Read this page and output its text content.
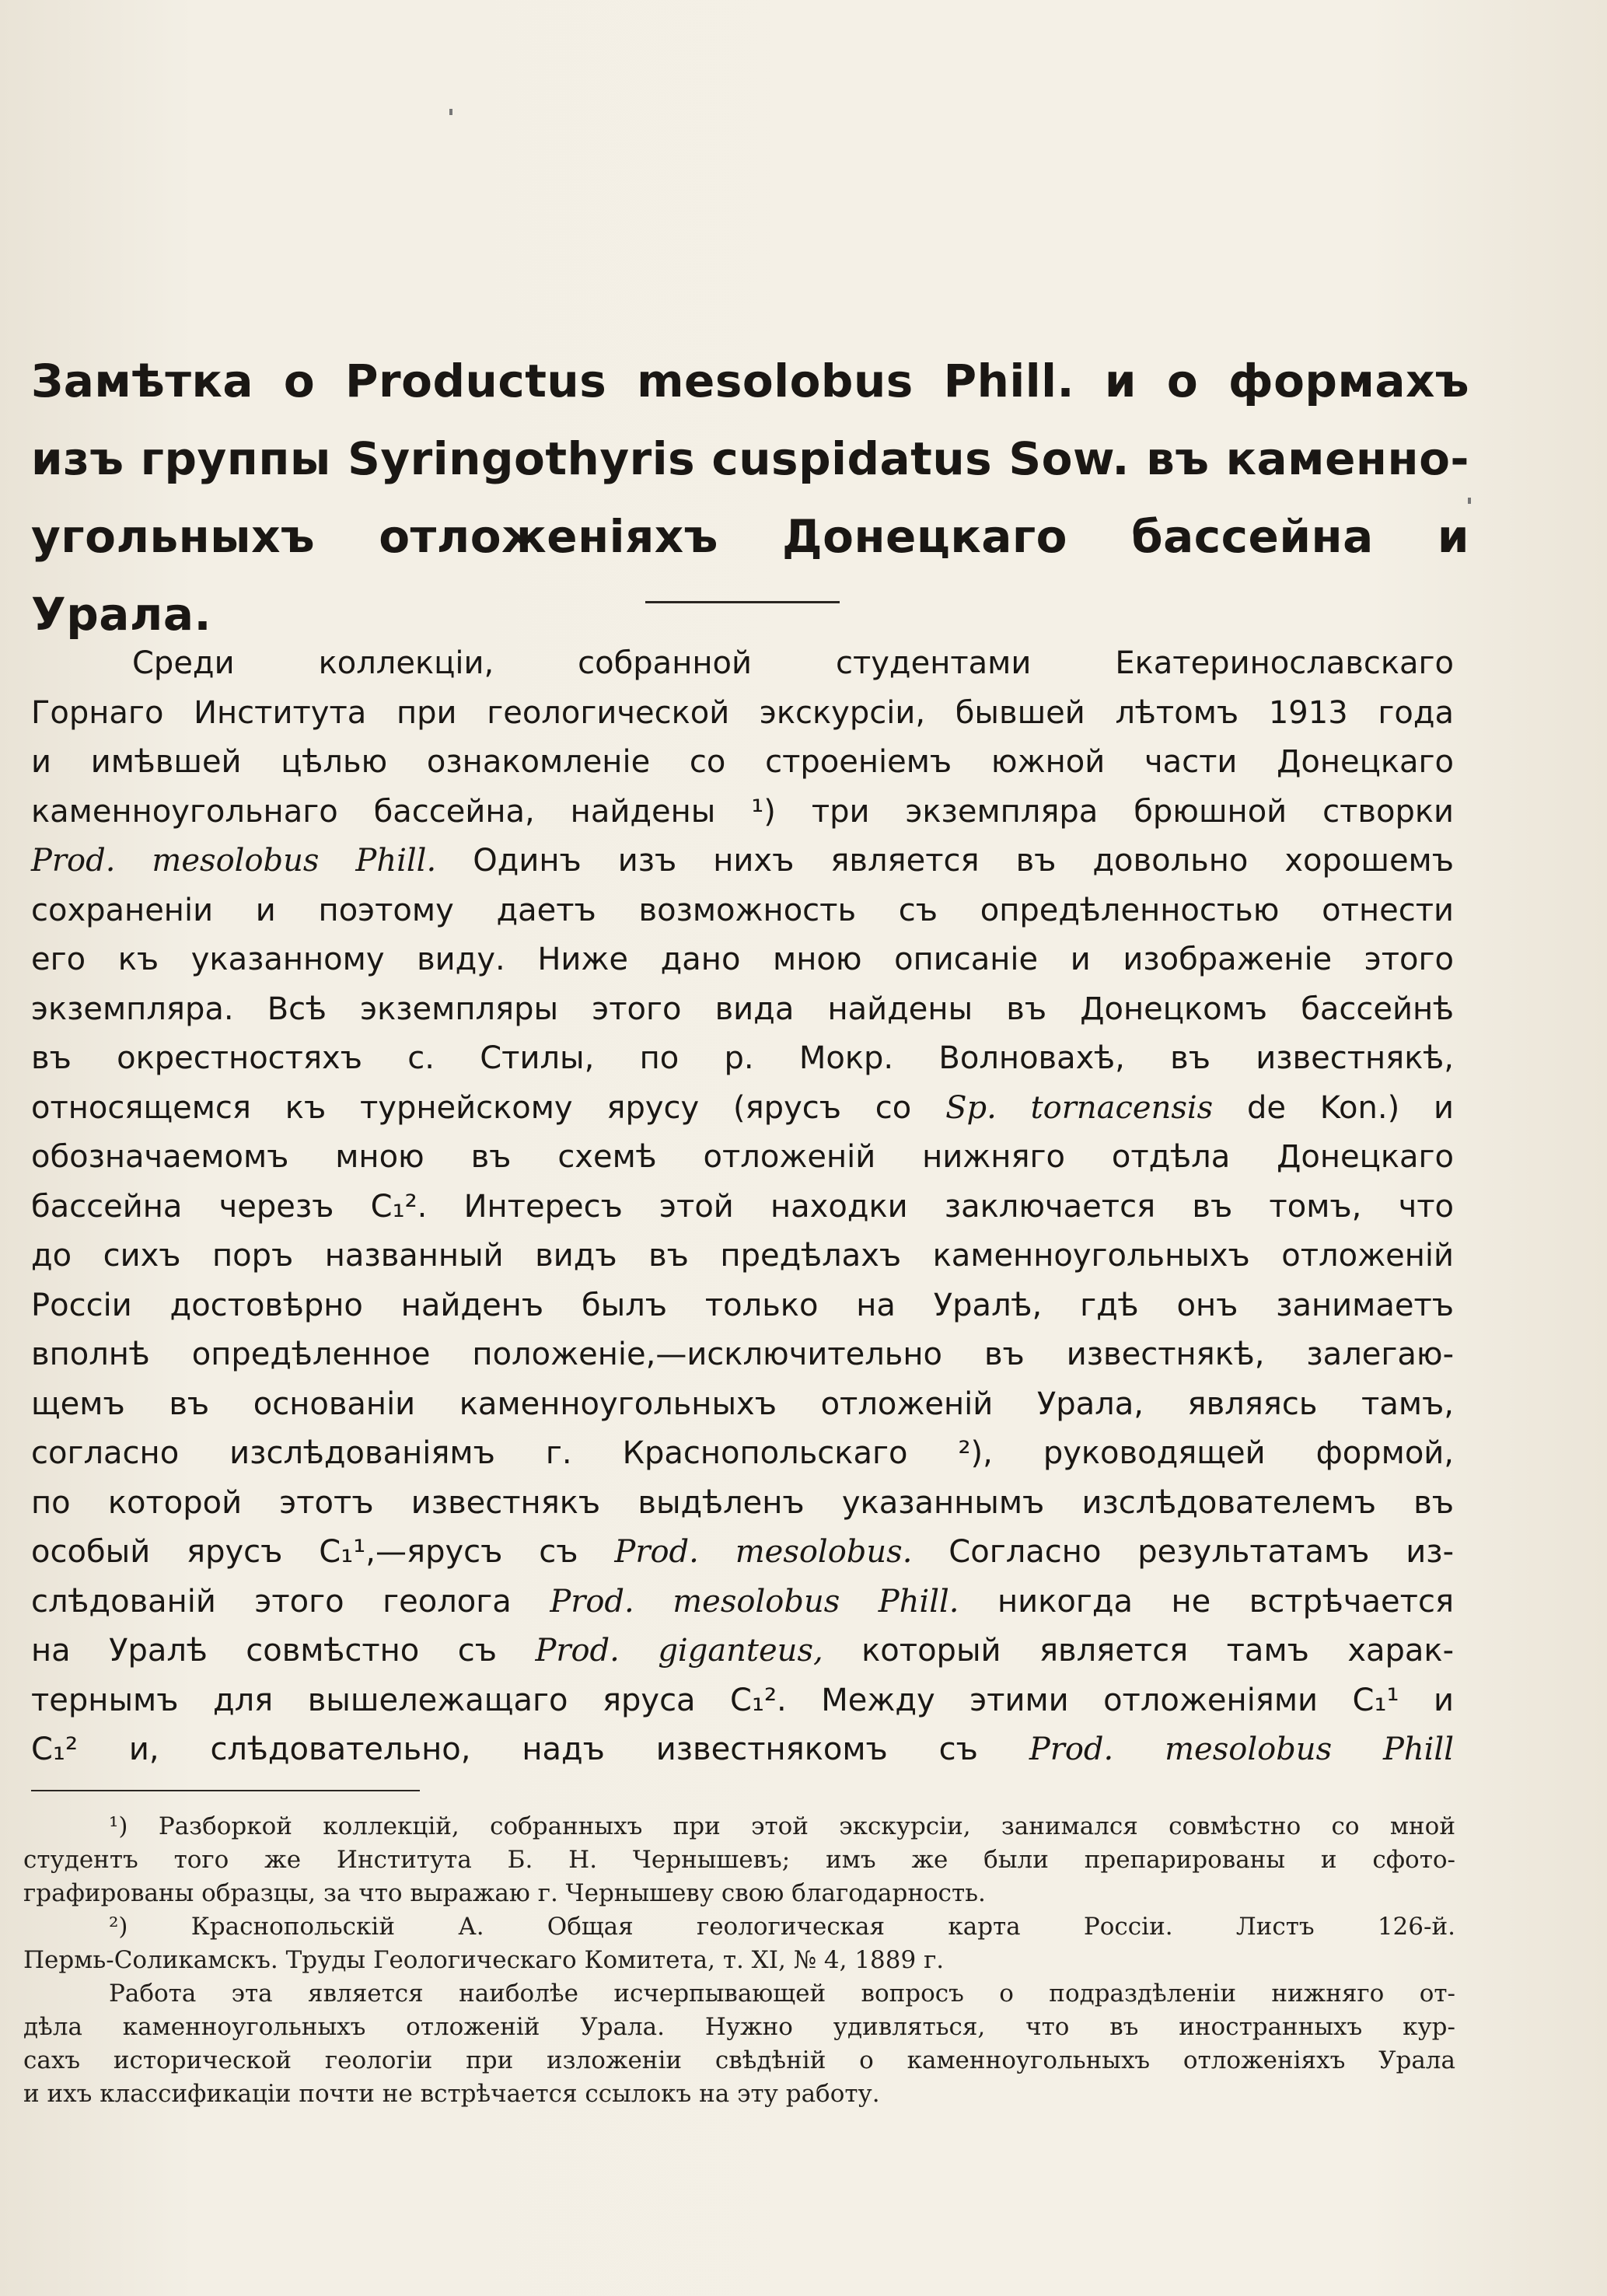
Замѣтка о Productus mesolobus Phill. и о формахъ
изъ группы Syringothyris cuspidatus Sow. въ каменно-
угольныхъ отложеніяхъ Донецкаго бассейна и Урала.
Среди коллекціи, собранной студентами Екатеринославскаго
Горнаго Института при геологической экскурсіи, бывшей лѣтомъ 1913 года
и имѣвшей цѣлью ознакомленіе со строеніемъ южной части Донецкаго
каменноугольнаго бассейна, найдены ¹) три экземпляра брюшной створки
Prod. mesolobus Phill. Одинъ изъ нихъ является въ довольно хорошемъ
сохраненіи и поэтому даетъ возможность съ опредѣленностью отнести
его къ указанному виду. Ниже дано мною описаніе и изображеніе этого
экземпляра. Всѣ экземпляры этого вида найдены въ Донецкомъ бассейнѣ
въ окрестностяхъ с. Стилы, по р. Мокр. Волновахѣ, въ известнякѣ,
относящемся къ турнейскому ярусу (ярусъ со Sp. tornacensis de Kon.) и
обозначаемомъ мною въ схемѣ отложеній нижняго отдѣла Донецкаго
бассейна черезъ C₁². Интересъ этой находки заключается въ томъ, что
до сихъ поръ названный видъ въ предѣлахъ каменноугольныхъ отложеній
Россіи достовѣрно найденъ былъ только на Уралѣ, гдѣ онъ занимаетъ
вполнѣ опредѣленное положеніе,—исключительно въ известнякѣ, залегаю-
щемъ въ основаніи каменноугольныхъ отложеній Урала, являясь тамъ,
согласно изслѣдованіямъ г. Краснопольскаго ²), руководящей формой,
по которой этотъ известнякъ выдѣленъ указаннымъ изслѣдователемъ въ
особый ярусъ C₁¹,—ярусъ съ Prod. mesolobus. Согласно результатамъ из-
слѣдованій этого геолога Prod. mesolobus Phill. никогда не встрѣчается
на Уралѣ совмѣстно съ Prod. giganteus, который является тамъ харак-
тернымъ для вышележащаго яруса C₁². Между этими отложеніями C₁¹ и
C₁² и, слѣдовательно, надъ известнякомъ съ Prod. mesolobus Phill
¹) Разборкой коллекцій, собранныхъ при этой экскурсіи, занимался совмѣстно со мной
студентъ того же Института Б. Н. Чернышевъ; имъ же были препарированы и сфото-
графированы образцы, за что выражаю г. Чернышеву свою благодарность.
²) Краснопольскій А. Общая геологическая карта Россіи. Листъ 126-й.
Пермь-Соликамскъ. Труды Геологическаго Комитета, т. XI, № 4, 1889 г.
Работа эта является наиболѣе исчерпывающей вопросъ о подраздѣленіи нижняго от-
дѣла каменноугольныхъ отложеній Урала. Нужно удивляться, что въ иностранныхъ кур-
сахъ исторической геологіи при изложеніи свѣдѣній о каменноугольныхъ отложеніяхъ Урала
и ихъ классификаціи почти не встрѣчается ссылокъ на эту работу.
